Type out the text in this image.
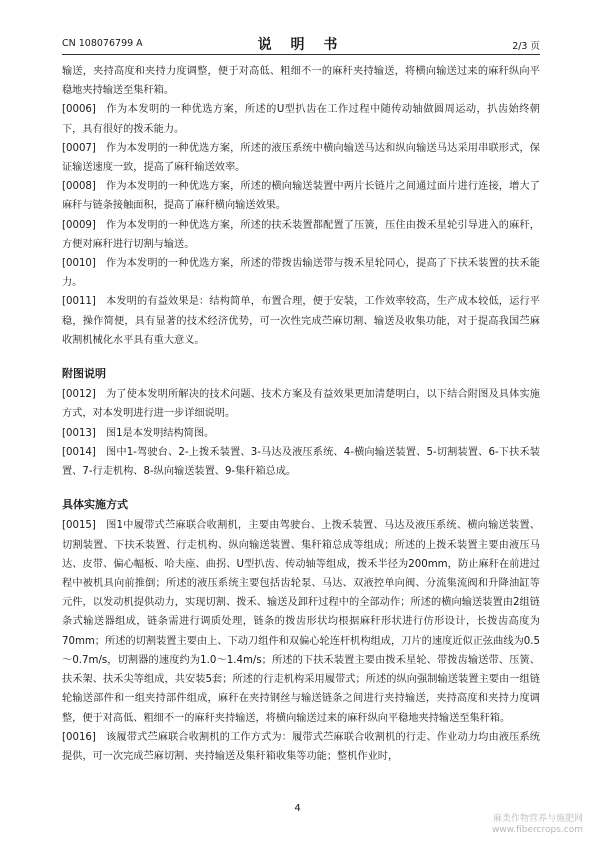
CN 108076799 A	说 明 书	2/3 页

输送，夹持高度和夹持力度调整，便于对高低、粗细不一的麻秆夹持输送，将横向输送过来的麻秆纵向平稳地夹持输送至集秆箱。

[0006] 作为本发明的一种优选方案，所述的U型扒齿在工作过程中随传动轴做圆周运动，扒齿始终朝下，具有很好的拨禾能力。

[0007] 作为本发明的一种优选方案，所述的液压系统中横向输送马达和纵向输送马达采用串联形式，保证输送速度一致，提高了麻秆输送效率。

[0008] 作为本发明的一种优选方案，所述的横向输送装置中两片长链片之间通过面片进行连接，增大了麻秆与链条接触面积，提高了麻秆横向输送效果。

[0009] 作为本发明的一种优选方案，所述的扶禾装置都配置了压簧，压住由拨禾星轮引导进入的麻秆，方便对麻秆进行切割与输送。

[0010] 作为本发明的一种优选方案，所述的带拨齿输送带与拨禾星轮同心，提高了下扶禾装置的扶禾能力。

[0011] 本发明的有益效果是：结构简单，布置合理，便于安装，工作效率较高，生产成本较低，运行平稳，操作简便，具有显著的技术经济优势，可一次性完成苎麻切割、输送及收集功能，对于提高我国苎麻收割机械化水平具有重大意义。

附图说明

[0012] 为了使本发明所解决的技术问题、技术方案及有益效果更加清楚明白，以下结合附图及具体实施方式，对本发明进行进一步详细说明。

[0013] 图1是本发明结构简图。

[0014] 图中1-驾驶台、2-上拨禾装置、3-马达及液压系统、4-横向输送装置、5-切割装置、6-下扶禾装置、7-行走机构、8-纵向输送装置、9-集秆箱总成。

具体实施方式

[0015] 图1中履带式苎麻联合收割机，主要由驾驶台、上拨禾装置、马达及液压系统、横向输送装置、切割装置、下扶禾装置、行走机构、纵向输送装置、集秆箱总成等组成；所述的上拨禾装置主要由液压马达、皮带、偏心幅板、哈夫座、曲拐、U型扒齿、传动轴等组成，拨禾半径为200mm，防止麻秆在前进过程中被机具向前推倒；所述的液压系统主要包括齿轮泵、马达、双液控单向阀、分流集流阀和升降油缸等元件，以发动机提供动力，实现切割、拨禾、输送及卸秆过程中的全部动作；所述的横向输送装置由2组链条式输送器组成，链条需进行调质处理，链条的拨齿形状均根据麻秆形状进行仿形设计，长拨齿高度为70mm；所述的切割装置主要由上、下动刀组件和双偏心轮连杆机构组成，刀片的速度近似正弦曲线为0.5～0.7m/s，切割器的速度约为1.0～1.4m/s；所述的下扶禾装置主要由拨禾星轮、带拨齿输送带、压簧、扶禾架、扶禾尖等组成，共安装5套；所述的行走机构采用履带式；所述的纵向强制输送装置主要由一组链轮输送部件和一组夹持部件组成，麻秆在夹持钢丝与输送链条之间进行夹持输送，夹持高度和夹持力度调整，便于对高低、粗细不一的麻秆夹持输送，将横向输送过来的麻秆纵向平稳地夹持输送至集秆箱。

[0016] 该履带式苎麻联合收割机的工作方式为：履带式苎麻联合收割机的行走、作业动力均由液压系统提供，可一次完成苎麻切割、夹持输送及集秆箱收集等功能；整机作业时，

4
麻类作物营养与施肥网
www.fibercrops.com
